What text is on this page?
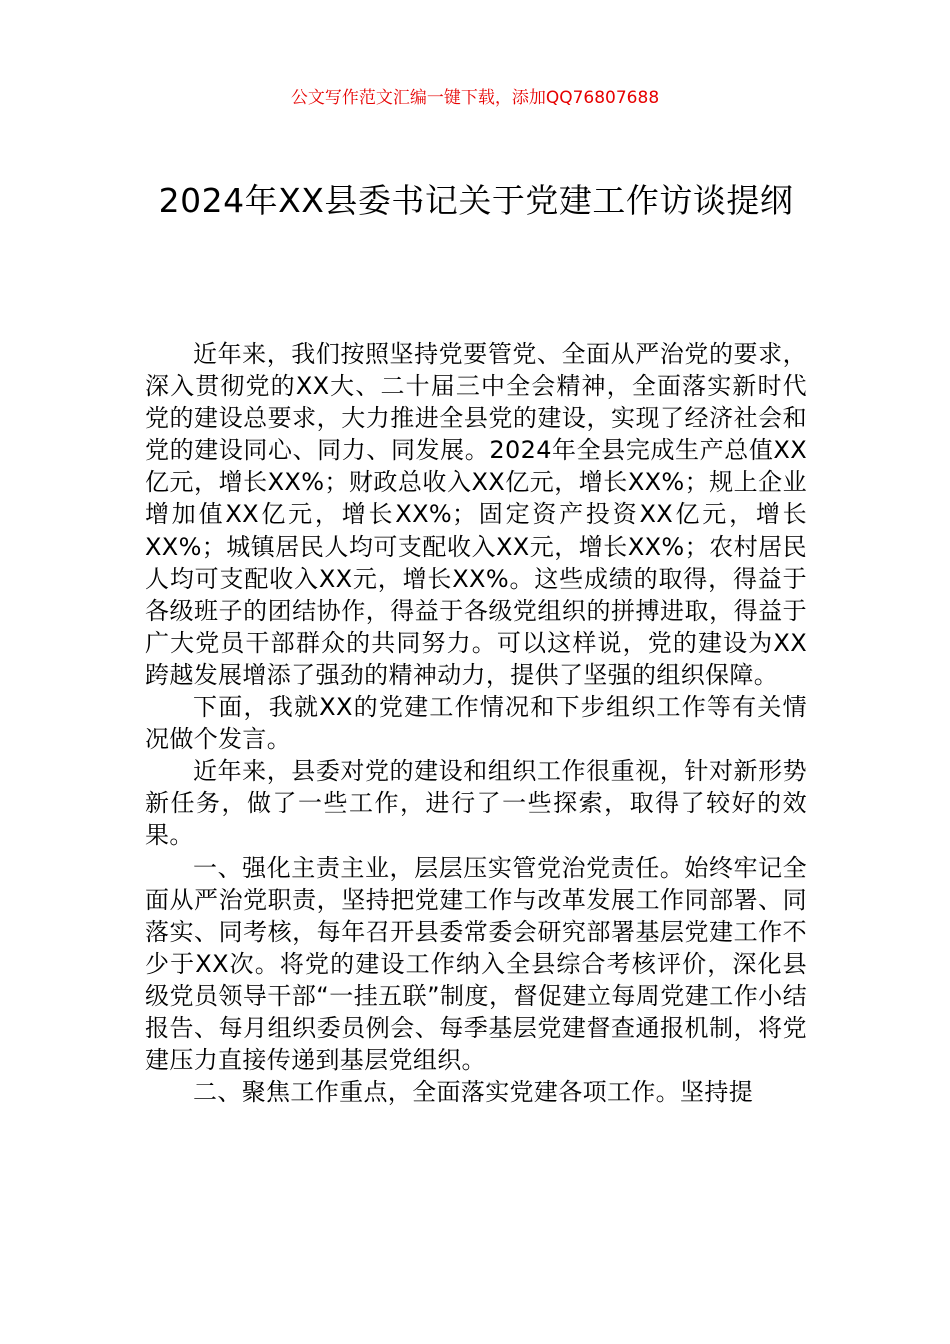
公文写作范文汇编一键下载，添加QQ76807688
2024年XX县委书记关于党建工作访谈提纲

近年来，我们按照坚持党要管党、全面从严治党的要求，深入贯彻党的XX大、二十届三中全会精神，全面落实新时代党的建设总要求，大力推进全县党的建设，实现了经济社会和党的建设同心、同力、同发展。2024年全县完成生产总值XX亿元，增长XX%；财政总收入XX亿元，增长XX%；规上企业增加值XX亿元，增长XX%；固定资产投资XX亿元，增长XX%；城镇居民人均可支配收入XX元，增长XX%；农村居民人均可支配收入XX元，增长XX%。这些成绩的取得，得益于各级班子的团结协作，得益于各级党组织的拼搏进取，得益于广大党员干部群众的共同努力。可以这样说，党的建设为XX跨越发展增添了强劲的精神动力，提供了坚强的组织保障。

下面，我就XX的党建工作情况和下步组织工作等有关情况做个发言。

近年来，县委对党的建设和组织工作很重视，针对新形势新任务，做了一些工作，进行了一些探索，取得了较好的效果。

一、强化主责主业，层层压实管党治党责任。始终牢记全面从严治党职责，坚持把党建工作与改革发展工作同部署、同落实、同考核，每年召开县委常委会研究部署基层党建工作不少于XX次。将党的建设工作纳入全县综合考核评价，深化县级党员领导干部“一挂五联”制度，督促建立每周党建工作小结报告、每月组织委员例会、每季基层党建督查通报机制，将党建压力直接传递到基层党组织。

二、聚焦工作重点，全面落实党建各项工作。坚持提
